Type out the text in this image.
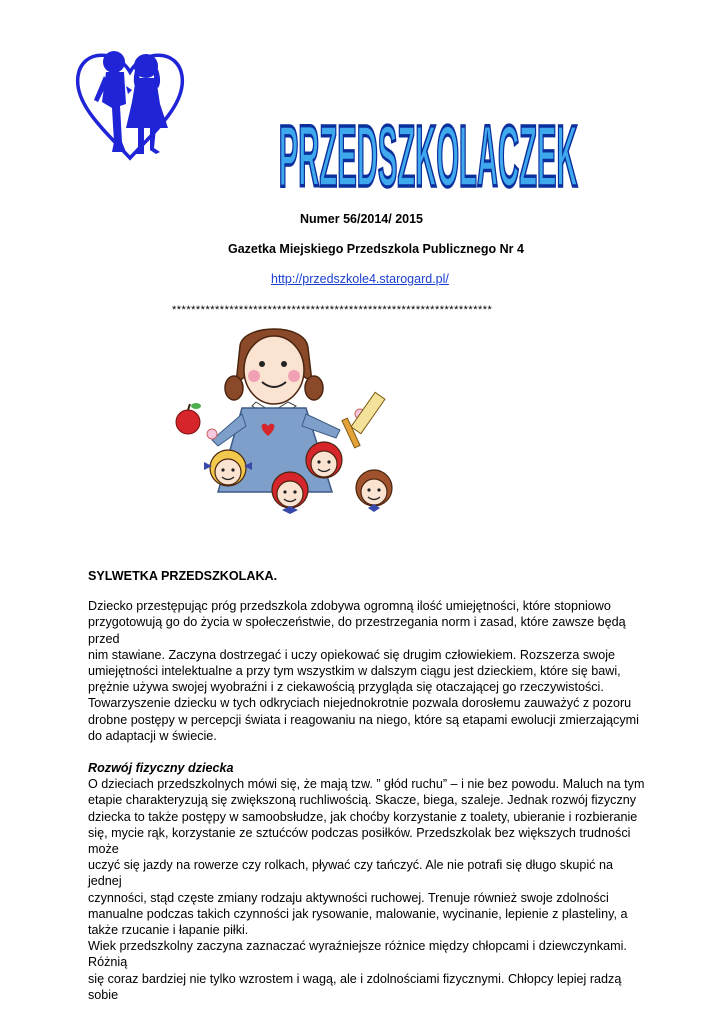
PRZEDSZKOLACZEK
Numer 56/2014/ 2015
Gazetka Miejskiego Przedszkola Publicznego Nr 4
http://przedszkole4.starogard.pl/
*******************************************************************

SYLWETKA PRZEDSZKOLAKA.

Dziecko przestępując próg przedszkola zdobywa ogromną ilość umiejętności, które stopniowo

przygotowują go do życia w społeczeństwie, do przestrzegania norm i zasad, które zawsze będą przed

nim stawiane. Zaczyna dostrzegać i uczy opiekować się drugim człowiekiem. Rozszerza swoje

umiejętności intelektualne a przy tym wszystkim w dalszym ciągu jest dzieckiem, które się bawi,

prężnie używa swojej wyobraźni i z ciekawością przygląda się otaczającej go rzeczywistości.

Towarzyszenie dziecku w tych odkryciach niejednokrotnie pozwala dorosłemu zauważyć z pozoru

drobne postępy w percepcji świata i reagowaniu na niego, które są etapami ewolucji zmierzającymi

do adaptacji w świecie.

Rozwój fizyczny dziecka

O dzieciach przedszkolnych mówi się, że mają tzw. ” głód ruchu” – i nie bez powodu. Maluch na tym

etapie charakteryzują się zwiększoną ruchliwością. Skacze, biega, szaleje. Jednak rozwój fizyczny

dziecka to także postępy w samoobsłudze, jak choćby korzystanie z toalety, ubieranie i rozbieranie

się, mycie rąk, korzystanie ze sztućców podczas posiłków. Przedszkolak bez większych trudności może

uczyć się jazdy na rowerze czy rolkach, pływać czy tańczyć. Ale nie potrafi się długo skupić na jednej

czynności, stąd częste zmiany rodzaju aktywności ruchowej. Trenuje również swoje zdolności

manualne podczas takich czynności jak rysowanie, malowanie, wycinanie, lepienie z plasteliny, a

także rzucanie i łapanie piłki.

Wiek przedszkolny zaczyna zaznaczać wyraźniejsze różnice między chłopcami i dziewczynkami. Różnią

się coraz bardziej nie tylko wzrostem i wagą, ale i zdolnościami fizycznymi. Chłopcy lepiej radzą sobie
